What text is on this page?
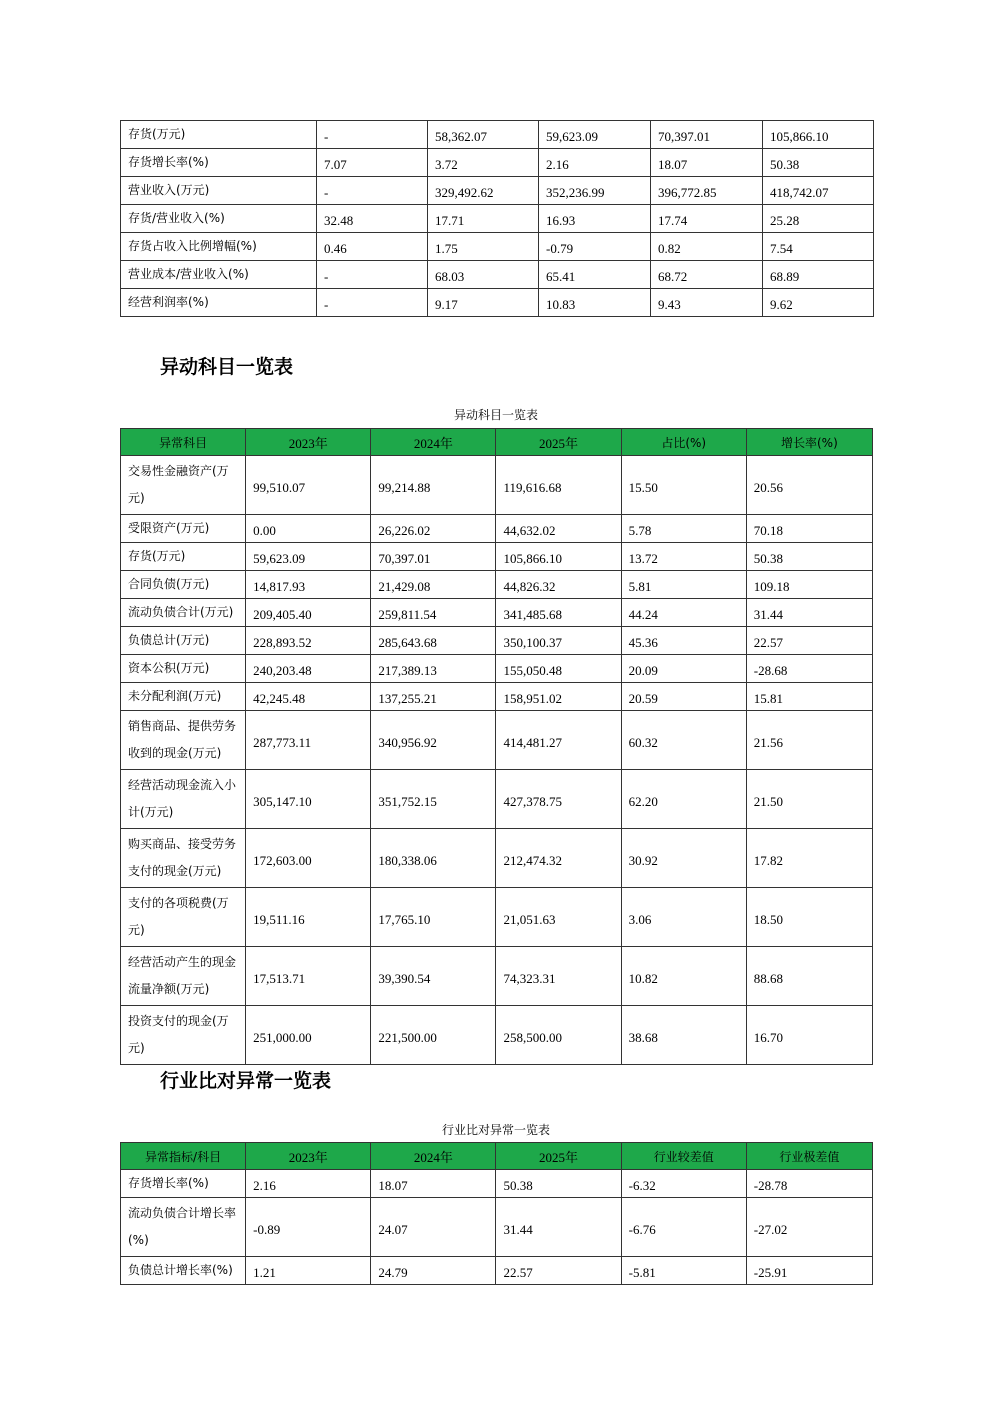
存货(万元)	-	58,362.07	59,623.09	70,397.01	105,866.10
存货增长率(%)	7.07	3.72	2.16	18.07	50.38
营业收入(万元)	-	329,492.62	352,236.99	396,772.85	418,742.07
存货/营业收入(%)	32.48	17.71	16.93	17.74	25.28
存货占收入比例增幅(%)	0.46	1.75	-0.79	0.82	7.54
营业成本/营业收入(%)	-	68.03	65.41	68.72	68.89
经营利润率(%)	-	9.17	10.83	9.43	9.62
异动科目一览表
异动科目一览表
异常科目	2023年	2024年	2025年	占比(%)	增长率(%)
交易性金融资产(万元)	99,510.07	99,214.88	119,616.68	15.50	20.56
受限资产(万元)	0.00	26,226.02	44,632.02	5.78	70.18
存货(万元)	59,623.09	70,397.01	105,866.10	13.72	50.38
合同负债(万元)	14,817.93	21,429.08	44,826.32	5.81	109.18
流动负债合计(万元)	209,405.40	259,811.54	341,485.68	44.24	31.44
负债总计(万元)	228,893.52	285,643.68	350,100.37	45.36	22.57
资本公积(万元)	240,203.48	217,389.13	155,050.48	20.09	-28.68
未分配利润(万元)	42,245.48	137,255.21	158,951.02	20.59	15.81
销售商品、提供劳务收到的现金(万元)	287,773.11	340,956.92	414,481.27	60.32	21.56
经营活动现金流入小计(万元)	305,147.10	351,752.15	427,378.75	62.20	21.50
购买商品、接受劳务支付的现金(万元)	172,603.00	180,338.06	212,474.32	30.92	17.82
支付的各项税费(万元)	19,511.16	17,765.10	21,051.63	3.06	18.50
经营活动产生的现金流量净额(万元)	17,513.71	39,390.54	74,323.31	10.82	88.68
投资支付的现金(万元)	251,000.00	221,500.00	258,500.00	38.68	16.70
行业比对异常一览表
行业比对异常一览表
异常指标/科目	2023年	2024年	2025年	行业较差值	行业极差值
存货增长率(%)	2.16	18.07	50.38	-6.32	-28.78
流动负债合计增长率(%)	-0.89	24.07	31.44	-6.76	-27.02
负债总计增长率(%)	1.21	24.79	22.57	-5.81	-25.91
